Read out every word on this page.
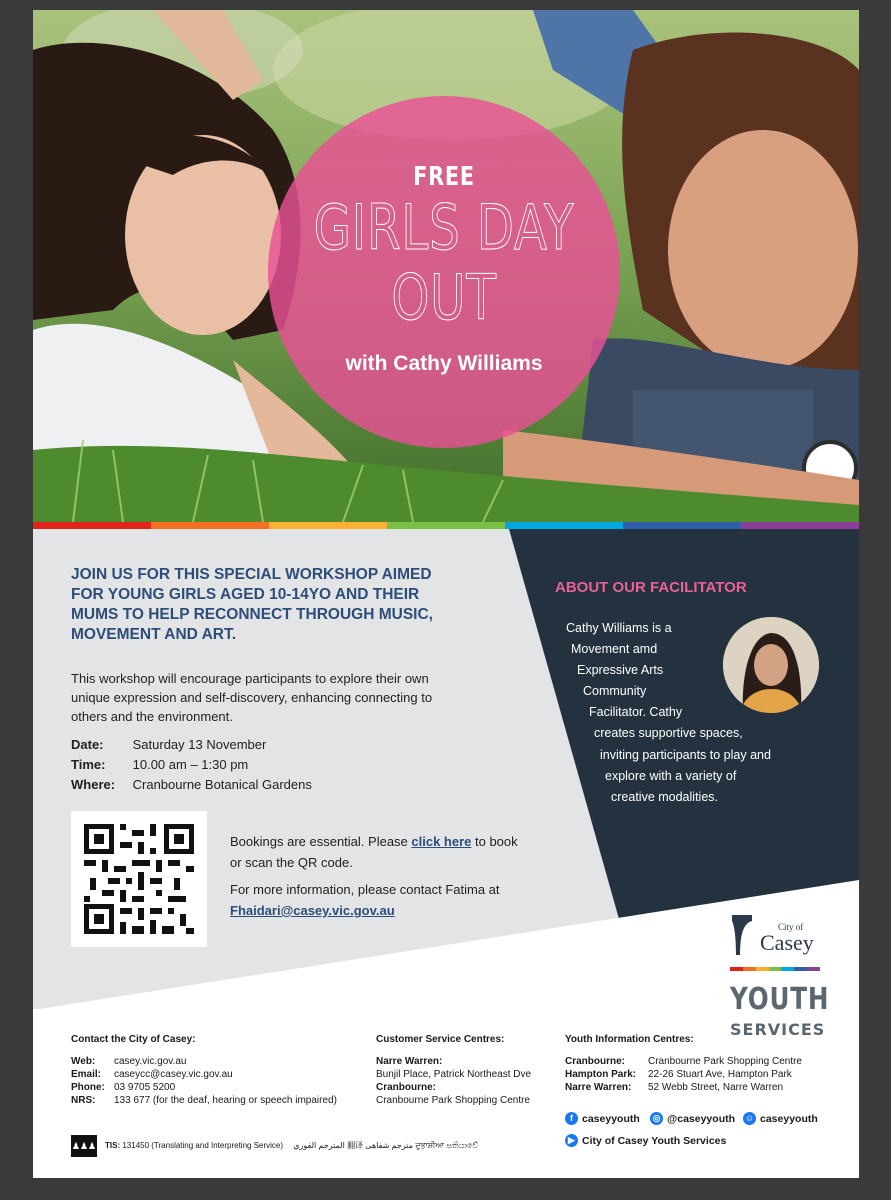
FREE
GIRLS DAY
OUT
with Cathy Williams
JOIN US FOR THIS SPECIAL WORKSHOP AIMED
FOR YOUNG GIRLS AGED 10-14YO AND THEIR
MUMS TO HELP RECONNECT THROUGH MUSIC,
MOVEMENT AND ART.
This workshop will encourage participants to explore their own
unique expression and self-discovery, enhancing connecting to
others and the environment.
Date: Saturday 13 November
Time: 10.00 am – 1:30 pm
Where: Cranbourne Botanical Gardens
Bookings are essential. Please click here to book
or scan the QR code.
For more information, please contact Fatima at
Fhaidari@casey.vic.gov.au
ABOUT OUR FACILITATOR
Cathy Williams is a
Movement amd
Expressive Arts
Community
Facilitator. Cathy
creates supportive spaces,
inviting participants to play and
explore with a variety of
creative modalities.
City of
Casey
YOUTH
SERVICES
Contact the City of Casey:
Web: casey.vic.gov.au
Email: caseycc@casey.vic.gov.au
Phone: 03 9705 5200
NRS: 133 677 (for the deaf, hearing or speech impaired)
Customer Service Centres:
Narre Warren:
Bunjil Place, Patrick Northeast Dve
Cranbourne:
Cranbourne Park Shopping Centre
Youth Information Centres:
Cranbourne: Cranbourne Park Shopping Centre
Hampton Park: 22-26 Stuart Ave, Hampton Park
Narre Warren: 52 Webb Street, Narre Warren
f caseyyouth ◎ @caseyyouth ☺ caseyyouth
▶ City of Casey Youth Services
♟♟♟ TIS: 131450 (Translating and Interpreting Service) المترجم الفوري 翻译 مترجم شفاهی ਦੁਭਾਸ਼ੀਆ සතියාවේ
